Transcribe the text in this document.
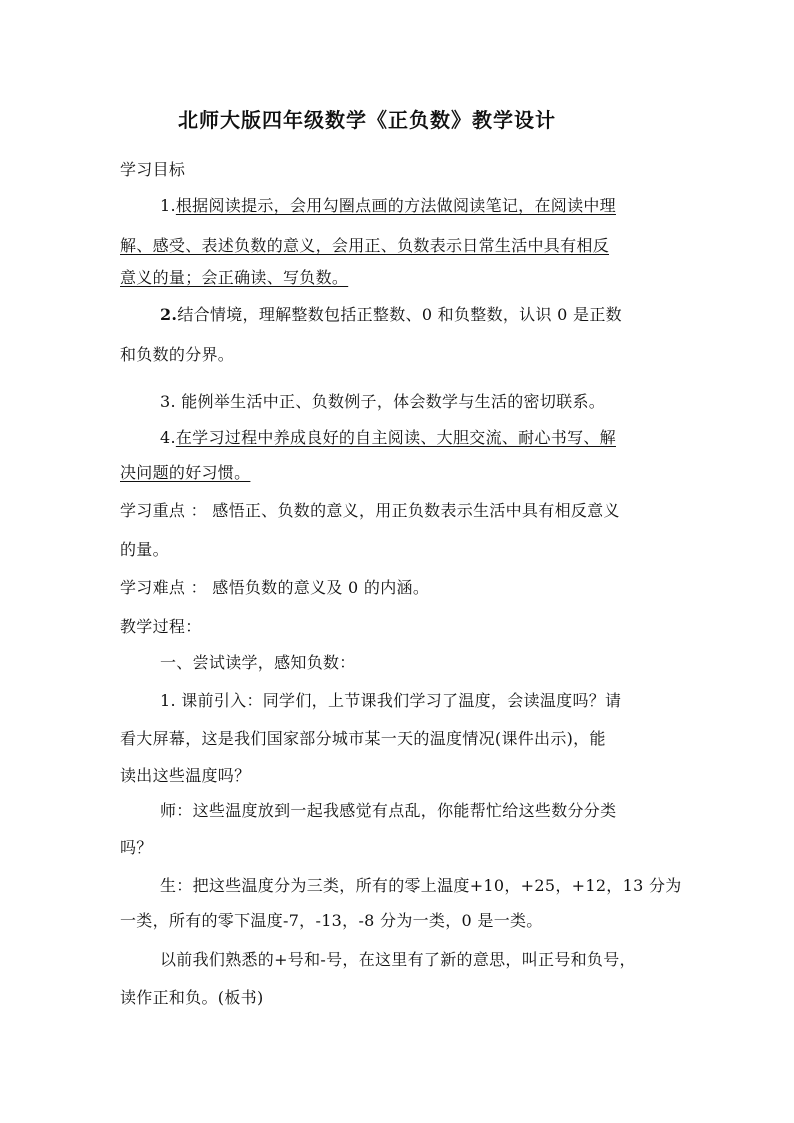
北师大版四年级数学《正负数》教学设计
学习目标
1.根据阅读提示，会用勾圈点画的方法做阅读笔记，在阅读中理
解、感受、表述负数的意义，会用正、负数表示日常生活中具有相反
意义的量；会正确读、写负数。
2.结合情境，理解整数包括正整数、0 和负整数，认识 0 是正数
和负数的分界。
3. 能例举生活中正、负数例子，体会数学与生活的密切联系。
4.在学习过程中养成良好的自主阅读、大胆交流、耐心书写、解
决问题的好习惯。
学习重点 ： 感悟正、负数的意义，用正负数表示生活中具有相反意义
的量。
学习难点 ： 感悟负数的意义及 0 的内涵。
教学过程：
一、尝试读学，感知负数：
1. 课前引入：同学们，上节课我们学习了温度，会读温度吗？请
看大屏幕，这是我们国家部分城市某一天的温度情况(课件出示)，能
读出这些温度吗？
师：这些温度放到一起我感觉有点乱，你能帮忙给这些数分分类
吗？
生：把这些温度分为三类，所有的零上温度+10，+25，+12，13 分为
一类，所有的零下温度-7，-13，-8 分为一类，0 是一类。
以前我们熟悉的+号和-号，在这里有了新的意思，叫正号和负号，
读作正和负。(板书)
